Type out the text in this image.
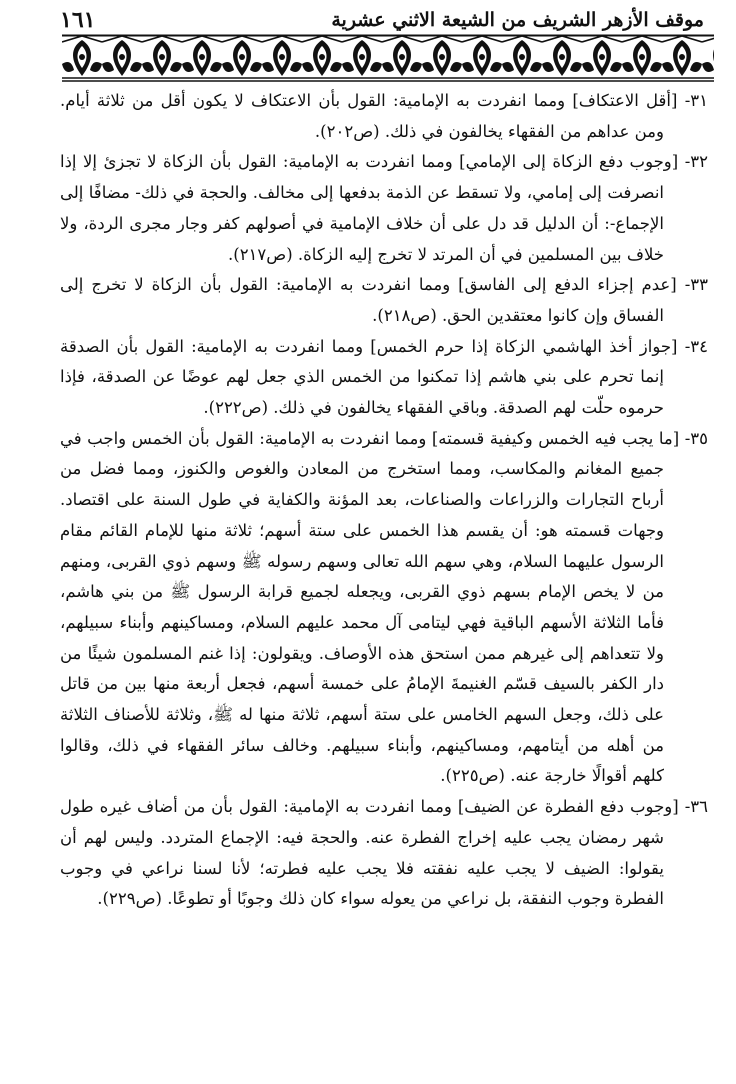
١٦١	موقف الأزهر الشريف من الشيعة الاثني عشرية

٣١- [أقل الاعتكاف] ومما انفردت به الإمامية: القول بأن الاعتكاف لا يكون أقل من ثلاثة أيام. ومن عداهم من الفقهاء يخالفون في ذلك. (ص٢٠٢).

٣٢- [وجوب دفع الزكاة إلى الإمامي] ومما انفردت به الإمامية: القول بأن الزكاة لا تجزئ إلا إذا انصرفت إلى إمامي، ولا تسقط عن الذمة بدفعها إلى مخالف. والحجة في ذلك- مضافًا إلى الإجماع-: أن الدليل قد دل على أن خلاف الإمامية في أصولهم كفر وجار مجرى الردة، ولا خلاف بين المسلمين في أن المرتد لا تخرج إليه الزكاة. (ص٢١٧).

٣٣- [عدم إجزاء الدفع إلى الفاسق] ومما انفردت به الإمامية: القول بأن الزكاة لا تخرج إلى الفساق وإن كانوا معتقدين الحق. (ص٢١٨).

٣٤- [جواز أخذ الهاشمي الزكاة إذا حرم الخمس] ومما انفردت به الإمامية: القول بأن الصدقة إنما تحرم على بني هاشم إذا تمكنوا من الخمس الذي جعل لهم عوضًا عن الصدقة، فإذا حرموه حلّت لهم الصدقة. وباقي الفقهاء يخالفون في ذلك. (ص٢٢٢).

٣٥- [ما يجب فيه الخمس وكيفية قسمته] ومما انفردت به الإمامية: القول بأن الخمس واجب في جميع المغانم والمكاسب، ومما استخرج من المعادن والغوص والكنوز، ومما فضل من أرباح التجارات والزراعات والصناعات، بعد المؤنة والكفاية في طول السنة على اقتصاد. وجهات قسمته هو: أن يقسم هذا الخمس على ستة أسهم؛ ثلاثة منها للإمام القائم مقام الرسول عليهما السلام، وهي سهم الله تعالى وسهم رسوله ﷺ وسهم ذوي القربى، ومنهم من لا يخص الإمام بسهم ذوي القربى، ويجعله لجميع قرابة الرسول ﷺ من بني هاشم، فأما الثلاثة الأسهم الباقية فهي ليتامى آل محمد عليهم السلام، ومساكينهم وأبناء سبيلهم، ولا تتعداهم إلى غيرهم ممن استحق هذه الأوصاف. ويقولون: إذا غنم المسلمون شيئًا من دار الكفر بالسيف قسّم الغنيمةَ الإمامُ على خمسة أسهم، فجعل أربعة منها بين من قاتل على ذلك، وجعل السهم الخامس على ستة أسهم، ثلاثة منها له ﷺ، وثلاثة للأصناف الثلاثة من أهله من أيتامهم، ومساكينهم، وأبناء سبيلهم. وخالف سائر الفقهاء في ذلك، وقالوا كلهم أقوالًا خارجة عنه. (ص٢٢٥).

٣٦- [وجوب دفع الفطرة عن الضيف] ومما انفردت به الإمامية: القول بأن من أضاف غيره طول شهر رمضان يجب عليه إخراج الفطرة عنه. والحجة فيه: الإجماع المتردد. وليس لهم أن يقولوا: الضيف لا يجب عليه نفقته فلا يجب عليه فطرته؛ لأنا لسنا نراعي في وجوب الفطرة وجوب النفقة، بل نراعي من يعوله سواء كان ذلك وجوبًا أو تطوعًا. (ص٢٢٩).
